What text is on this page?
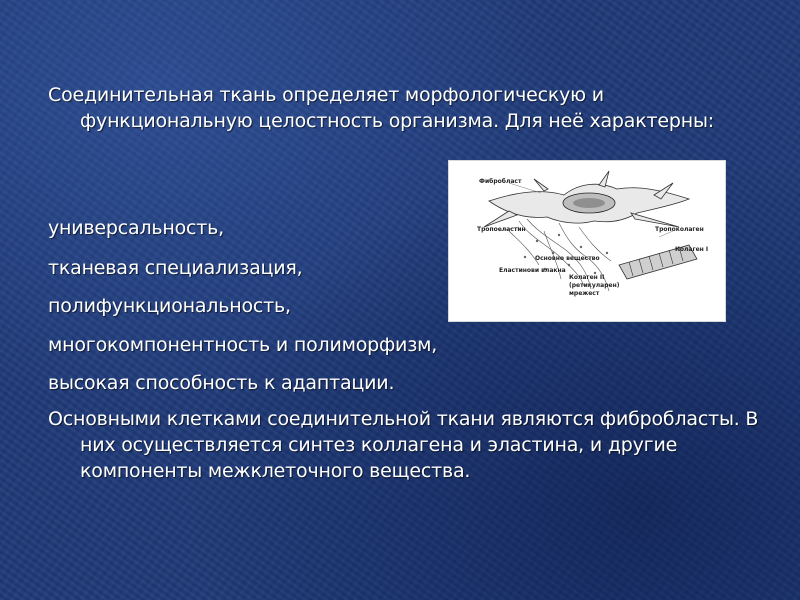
Соединительная ткань определяет морфологическую и функциональную целостность организма. Для неё характерны:

универсальность,

тканевая специализация,

полифункциональность,

многокомпонентность и полиморфизм,

высокая способность к адаптации.

Основными клетками соединительной ткани являются фибробласты. В них осуществляется синтез коллагена и эластина, и другие компоненты межклеточного вещества.

Фибробласт
Тропоеластин	Тропоколаген
Колаген I
Основно вещество
Еластинови влакна
Колаген II
(ретикуларен)
мрежест
